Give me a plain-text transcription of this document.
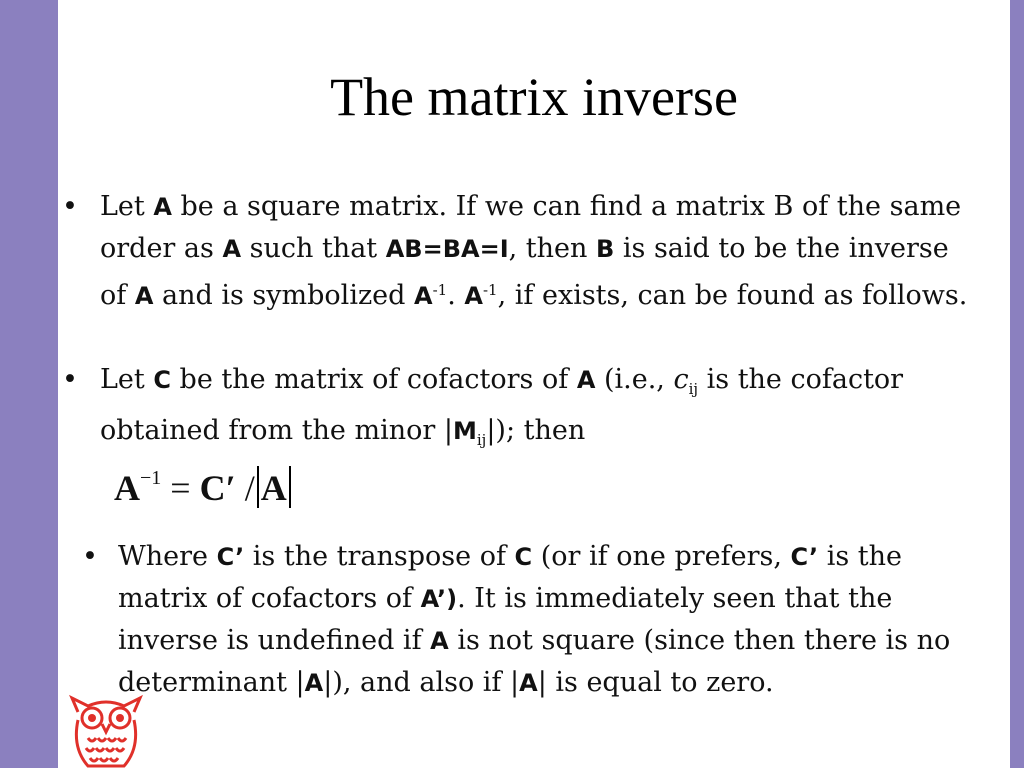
The matrix inverse
• Let A be a square matrix. If we can find a matrix B of the same order as A such that AB=BA=I, then B is said to be the inverse of A and is symbolized $A^{-1}$. $A^{-1}$, if exists, can be found as follows.
• Let C be the matrix of cofactors of A (i.e., $c_{ij}$ is the cofactor obtained from the minor $|M_{ij}|$); then
$A^{-1} = C' / A$
• Where C’ is the transpose of C (or if one prefers, C’ is the matrix of cofactors of A’). It is immediately seen that the inverse is undefined if A is not square (since then there is no determinant |A|), and also if |A| is equal to zero.
